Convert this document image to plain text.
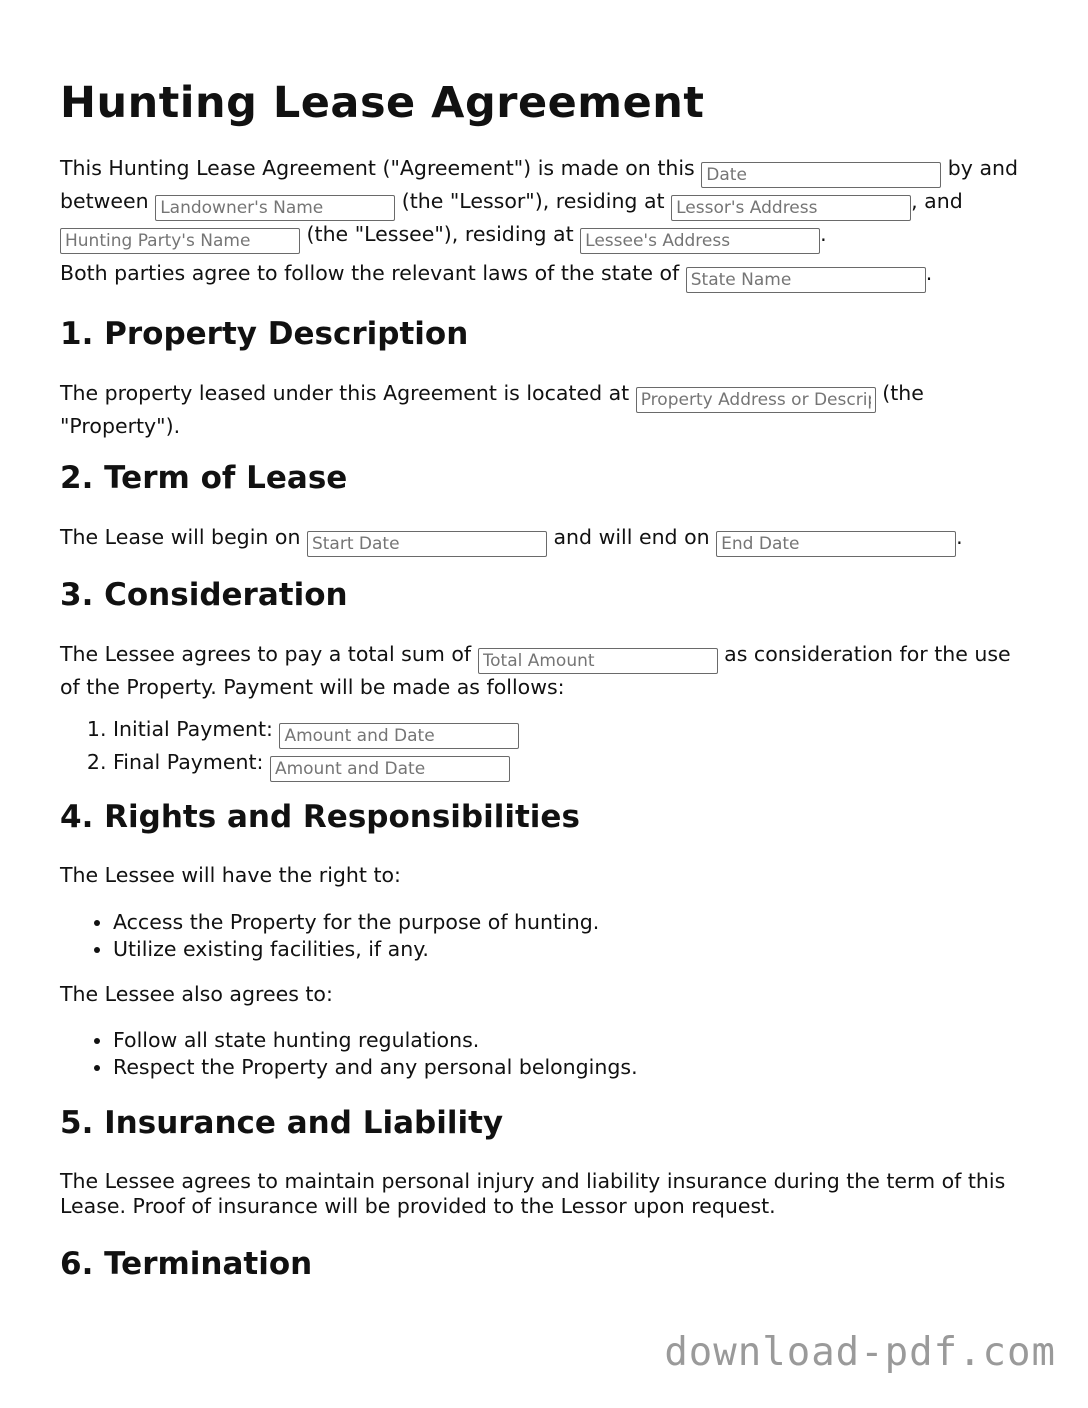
Hunting Lease Agreement

This Hunting Lease Agreement ("Agreement") is made on this Date	by and between Landowner's Name	(the "Lessor"), residing at Lessor's Address	, and Hunting Party's Name (the "Lessee"), residing at Lessee's Address	.

Both parties agree to follow the relevant laws of the state of State Name	.

1. Property Description

The property leased under this Agreement is located at Property Address or Description	(the "Property").

2. Term of Lease

The Lease will begin on Start Date	and will end on End Date	.

3. Consideration

The Lessee agrees to pay a total sum of Total Amount	as consideration for the use of the Property. Payment will be made as follows:

1. Initial Payment: Amount and Date
2. Final Payment: Amount and Date
4. Rights and Responsibilities

The Lessee will have the right to:

• Access the Property for the purpose of hunting.
• Utilize existing facilities, if any.

The Lessee also agrees to:

• Follow all state hunting regulations.
• Respect the Property and any personal belongings.
5. Insurance and Liability

The Lessee agrees to maintain personal injury and liability insurance during the term of this Lease. Proof of insurance will be provided to the Lessor upon request.

6. Termination
download-pdf.com
